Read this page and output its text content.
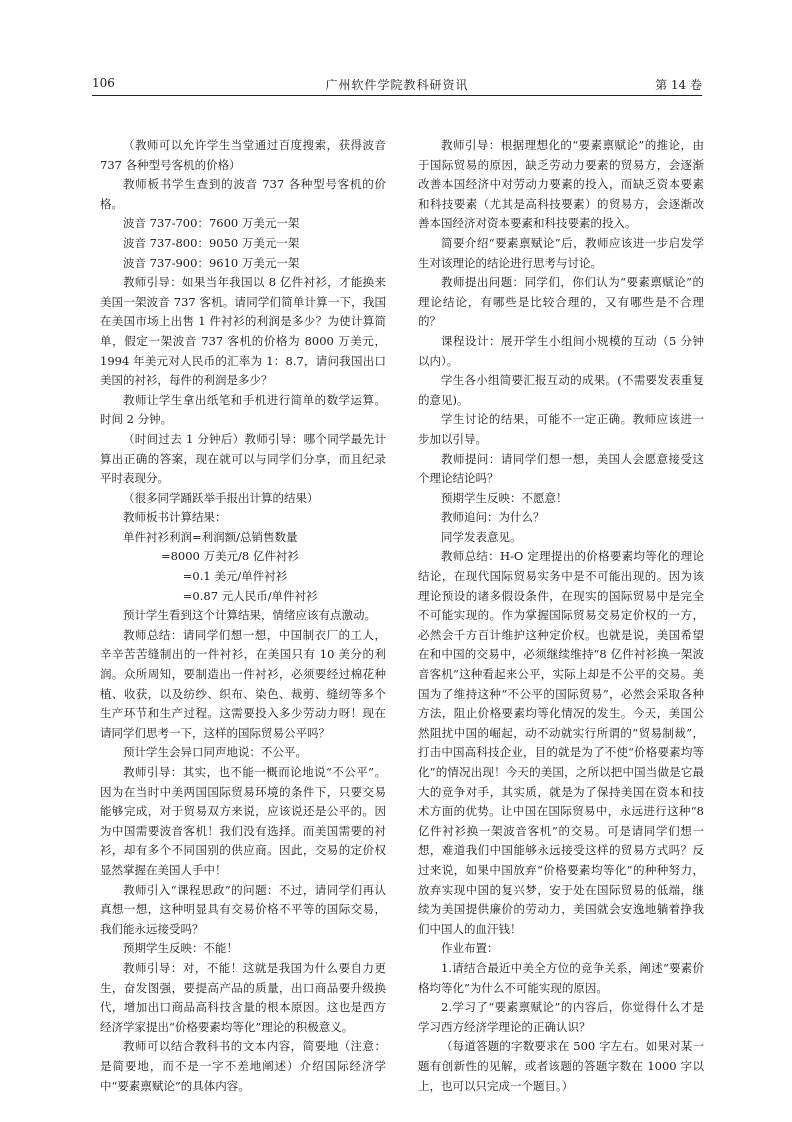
106	广州软件学院教科研资讯	第 14 卷

（教师可以允许学生当堂通过百度搜索，获得波音 737 各种型号客机的价格）

教师板书学生查到的波音 737 各种型号客机的价格。

波音 737-700：7600 万美元一架

波音 737-800：9050 万美元一架

波音 737-900：9610 万美元一架

教师引导：如果当年我国以 8 亿件衬衫，才能换来美国一架波音 737 客机。请同学们简单计算一下，我国在美国市场上出售 1 件衬衫的利润是多少？为使计算简单，假定一架波音 737 客机的价格为 8000 万美元，1994 年美元对人民币的汇率为 1：8.7，请问我国出口美国的衬衫，每件的利润是多少？

教师让学生拿出纸笔和手机进行简单的数学运算。时间 2 分钟。

（时间过去 1 分钟后）教师引导：哪个同学最先计算出正确的答案，现在就可以与同学们分享，而且纪录平时表现分。

（很多同学踊跃举手报出计算的结果）

教师板书计算结果：

单件衬衫利润=利润额/总销售数量

=8000 万美元/8 亿件衬衫

=0.1 美元/单件衬衫

=0.87 元人民币/单件衬衫

预计学生看到这个计算结果，情绪应该有点激动。

教师总结：请同学们想一想，中国制衣厂的工人，辛辛苦苦缝制出的一件衬衫，在美国只有 10 美分的利润。众所周知，要制造出一件衬衫，必须要经过棉花种植、收获，以及纺纱、织布、染色、裁剪、缝纫等多个生产环节和生产过程。这需要投入多少劳动力呀！现在请同学们思考一下，这样的国际贸易公平吗？

预计学生会异口同声地说：不公平。

教师引导：其实，也不能一概而论地说“不公平”。因为在当时中美两国国际贸易环境的条件下，只要交易能够完成，对于贸易双方来说，应该说还是公平的。因为中国需要波音客机！我们没有选择。而美国需要的衬衫，却有多个不同国别的供应商。因此，交易的定价权显然掌握在美国人手中！

教师引入“课程思政”的问题：不过，请同学们再认真想一想，这种明显具有交易价格不平等的国际交易，我们能永远接受吗？

预期学生反映：不能！

教师引导：对，不能！这就是我国为什么要自力更生，奋发图强，要提高产品的质量，出口商品要升级换代，增加出口商品高科技含量的根本原因。这也是西方经济学家提出“价格要素均等化”理论的积极意义。

教师可以结合教科书的文本内容，简要地（注意：是简要地，而不是一字不差地阐述）介绍国际经济学中“要素禀赋论”的具体内容。

教师引导：根据理想化的“要素禀赋论”的推论，由于国际贸易的原因，缺乏劳动力要素的贸易方，会逐渐改善本国经济中对劳动力要素的投入，而缺乏资本要素和科技要素（尤其是高科技要素）的贸易方，会逐渐改善本国经济对资本要素和科技要素的投入。

简要介绍“要素禀赋论”后，教师应该进一步启发学生对该理论的结论进行思考与讨论。

教师提出问题：同学们，你们认为“要素禀赋论”的理论结论，有哪些是比较合理的，又有哪些是不合理的？

课程设计：展开学生小组间小规模的互动（5 分钟以内）。

学生各小组简要汇报互动的成果。(不需要发表重复的意见)。

学生讨论的结果，可能不一定正确。教师应该进一步加以引导。

教师提问：请同学们想一想，美国人会愿意接受这个理论结论吗？

预期学生反映：不愿意！

教师追问：为什么？

同学发表意见。

教师总结：H-O 定理提出的价格要素均等化的理论结论，在现代国际贸易实务中是不可能出现的。因为该理论预设的诸多假设条件，在现实的国际贸易中是完全不可能实现的。作为掌握国际贸易交易定价权的一方，必然会千方百计维护这种定价权。也就是说，美国希望在和中国的交易中，必须继续维持“8 亿件衬衫换一架波音客机”这种看起来公平，实际上却是不公平的交易。美国为了维持这种“不公平的国际贸易”，必然会采取各种方法，阻止价格要素均等化情况的发生。今天，美国公然阻扰中国的崛起，动不动就实行所谓的“贸易制裁”，打击中国高科技企业，目的就是为了不使“价格要素均等化”的情况出现！今天的美国，之所以把中国当做是它最大的竞争对手，其实质，就是为了保持美国在资本和技术方面的优势。让中国在国际贸易中，永远进行这种“8 亿件衬衫换一架波音客机”的交易。可是请同学们想一想，难道我们中国能够永远接受这样的贸易方式吗？反过来说，如果中国放弃“价格要素均等化”的种种努力，放弃实现中国的复兴梦，安于处在国际贸易的低端，继续为美国提供廉价的劳动力，美国就会安逸地躺着挣我们中国人的血汗钱！

作业布置：

1.请结合最近中美全方位的竞争关系，阐述“要素价格均等化”为什么不可能实现的原因。

2.学习了“要素禀赋论”的内容后，你觉得什么才是学习西方经济学理论的正确认识？

（每道答题的字数要求在 500 字左右。如果对某一题有创新性的见解，或者该题的答题字数在 1000 字以上，也可以只完成一个题目。）
